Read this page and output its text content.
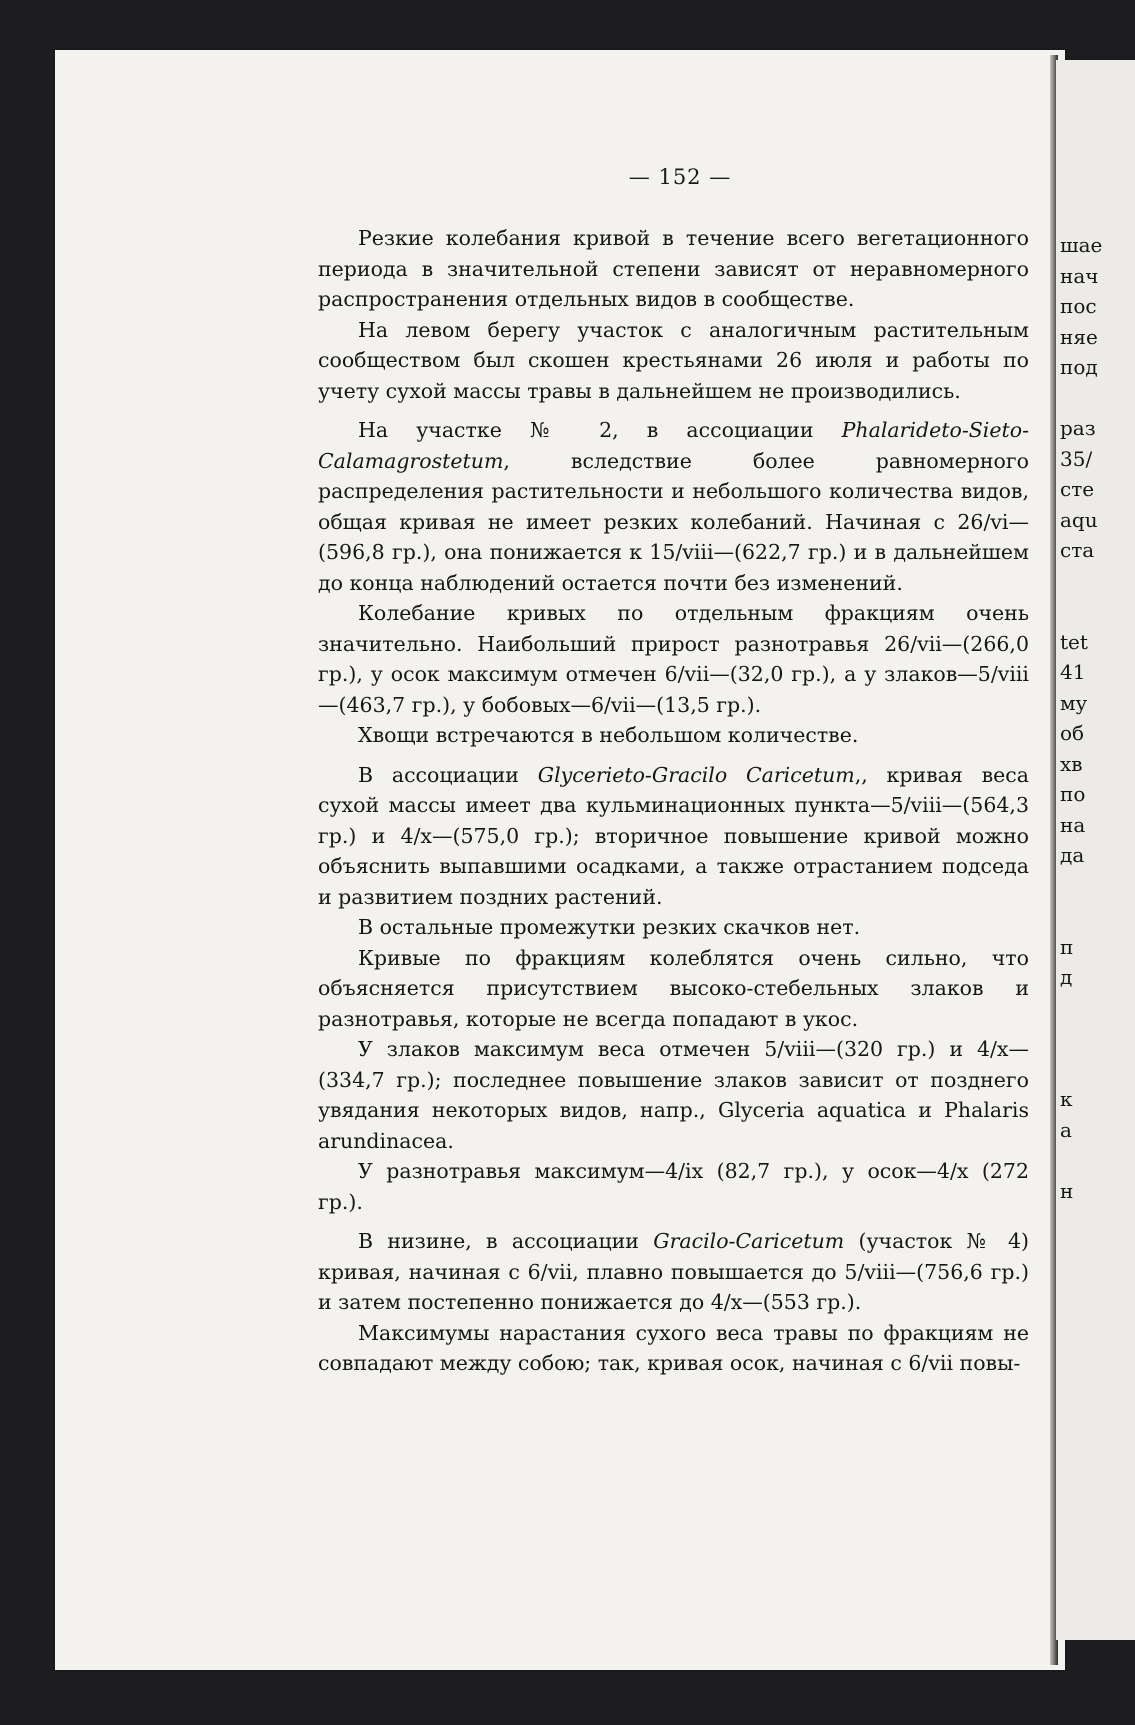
шае
нач
пос
няе
под
раз
35/
сте
aqu
ста
tet
41
му
об
хв
по
на
да
п
д
к
а
н
— 152 —

Резкие колебания кривой в течение всего вегетационного периода в значительной степени зависят от неравномерного распространения отдельных видов в сообществе.

На левом берегу участок с аналогичным растительным сообществом был скошен крестьянами 26 июля и работы по учету сухой массы травы в дальнейшем не производились.

На участке № 2, в ассоциации Phalarideto-Sieto-Calamagrostetum, вследствие более равномерного распределения растительности и небольшого количества видов, общая кривая не имеет резких колебаний. Начиная с 26/vi—(596,8 гр.), она понижается к 15/viii—(622,7 гр.) и в дальнейшем до конца наблюдений остается почти без изменений.

Колебание кривых по отдельным фракциям очень значительно. Наибольший прирост разнотравья 26/vii—(266,0 гр.), у осок максимум отмечен 6/vii—(32,0 гр.), а у злаков—5/viii—(463,7 гр.), у бобовых—6/vii—(13,5 гр.).

Хвощи встречаются в небольшом количестве.

В ассоциации Glycerieto-Gracilo Caricetum,, кривая веса сухой массы имеет два кульминационных пункта—5/viii—(564,3 гр.) и 4/x—(575,0 гр.); вторичное повышение кривой можно объяснить выпавшими осадками, а также отрастанием подседа и развитием поздних растений.

В остальные промежутки резких скачков нет.

Кривые по фракциям колеблятся очень сильно, что объясняется присутствием высоко-стебельных злаков и разнотравья, которые не всегда попадают в укос.

У злаков максимум веса отмечен 5/viii—(320 гр.) и 4/x—(334,7 гр.); последнее повышение злаков зависит от позднего увядания некоторых видов, напр., Glyceria aquatica и Phalaris arundinacea.

У разнотравья максимум—4/ix (82,7 гр.), у осок—4/x (272 гр.).

В низине, в ассоциации Gracilo-Caricetum (участок № 4) кривая, начиная с 6/vii, плавно повышается до 5/viii—(756,6 гр.) и затем постепенно понижается до 4/x—(553 гр.).

Максимумы нарастания сухого веса травы по фракциям не совпадают между собою; так, кривая осок, начиная с 6/vii повы-
